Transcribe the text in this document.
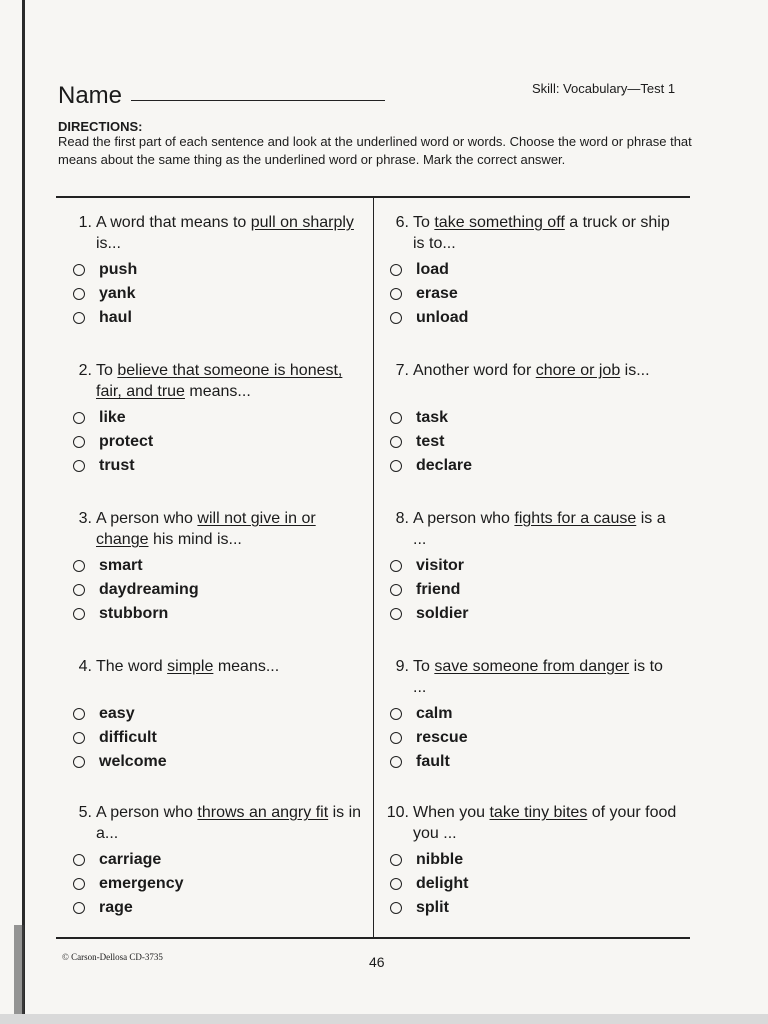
Name	Skill: Vocabulary—Test 1
DIRECTIONS:
Read the first part of each sentence and look at the underlined word or words. Choose the word or phrase that means about the same thing as the underlined word or phrase. Mark the correct answer.
1. A word that means to pull on sharply is...
push
yank
haul
2. To believe that someone is honest, fair, and true means...
like
protect
trust
3. A person who will not give in or change his mind is...
smart
daydreaming
stubborn
4. The word simple means...
easy
difficult
welcome
5. A person who throws an angry fit is in a...
carriage
emergency
rage
6. To take something off a truck or ship is to...
load
erase
unload
7. Another word for chore or job is...
task
test
declare
8. A person who fights for a cause is a ...
visitor
friend
soldier
9. To save someone from danger is to ...
calm
rescue
fault
10. When you take tiny bites of your food you ...
nibble
delight
split
© Carson-Dellosa CD-3735	46
